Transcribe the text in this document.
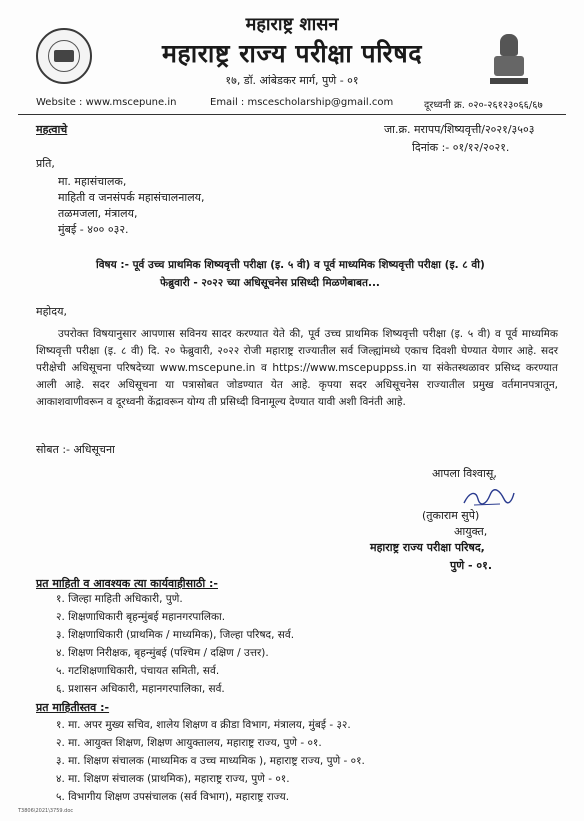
महाराष्ट्र शासन
महाराष्ट्र राज्य परीक्षा परिषद
१७, डॉ. आंबेडकर मार्ग, पुणे - ०१
Website : www.mscepune.in	Email : mscescholarship@gmail.com	दूरध्वनी क्र. ०२०-२६१२३०६६/६७
महत्वाचे	जा.क्र. मरापप/शिष्यवृत्ती/२०२१/३५०३
दिनांक :- ०१/१२/२०२१.
प्रति,
मा. महासंचालक,
माहिती व जनसंपर्क महासंचालनालय,
तळमजला, मंत्रालय,
मुंबई - ४०० ०३२.
विषय :- पूर्व उच्च प्राथमिक शिष्यवृत्ती परीक्षा (इ. ५ वी) व पूर्व माध्यमिक शिष्यवृत्ती परीक्षा (इ. ८ वी)
फेब्रुवारी - २०२२ च्या अधिसूचनेस प्रसिध्दी मिळणेबाबत...
महोदय,
उपरोक्त विषयानुसार आपणास सविनय सादर करण्यात येते की, पूर्व उच्च प्राथमिक शिष्यवृत्ती परीक्षा (इ. ५ वी) व पूर्व माध्यमिक शिष्यवृत्ती परीक्षा (इ. ८ वी) दि. २० फेब्रुवारी, २०२२ रोजी महाराष्ट्र राज्यातील सर्व जिल्ह्यांमध्ये एकाच दिवशी घेण्यात येणार आहे. सदर परीक्षेची अधिसूचना परिषदेच्या www.mscepune.in व https://www.mscepuppss.in या संकेतस्थळावर प्रसिध्द करण्यात आली आहे. सदर अधिसूचना या पत्रासोबत जोडण्यात येत आहे. कृपया सदर अधिसूचनेस राज्यातील प्रमुख वर्तमानपत्रातून, आकाशवाणीवरून व दूरध्वनी केंद्रावरून योग्य ती प्रसिध्दी विनामूल्य देण्यात यावी अशी विनंती आहे.
सोबत :- अधिसूचना
आपला विश्वासू,
(तुकाराम सुपे)
आयुक्त,
महाराष्ट्र राज्य परीक्षा परिषद,
पुणे - ०१.
प्रत माहिती व आवश्यक त्या कार्यवाहीसाठी :-
१. जिल्हा माहिती अधिकारी, पुणे.
२. शिक्षणाधिकारी बृहन्मुंबई महानगरपालिका.
३. शिक्षणाधिकारी (प्राथमिक / माध्यमिक), जिल्हा परिषद, सर्व.
४. शिक्षण निरीक्षक, बृहन्मुंबई (पश्चिम / दक्षिण / उत्तर).
५. गटशिक्षणाधिकारी, पंचायत समिती, सर्व.
६. प्रशासन अधिकारी, महानगरपालिका, सर्व.
प्रत माहितीस्तव :-
१. मा. अपर मुख्य सचिव, शालेय शिक्षण व क्रीडा विभाग, मंत्रालय, मुंबई - ३२.
२. मा. आयुक्त शिक्षण, शिक्षण आयुक्तालय, महाराष्ट्र राज्य, पुणे - ०१.
३. मा. शिक्षण संचालक (माध्यमिक व उच्च माध्यमिक ), महाराष्ट्र राज्य, पुणे - ०१.
४. मा. शिक्षण संचालक (प्राथमिक), महाराष्ट्र राज्य, पुणे - ०१.
५. विभागीय शिक्षण उपसंचालक (सर्व विभाग), महाराष्ट्र राज्य.
T3806\2021\3759.doc
